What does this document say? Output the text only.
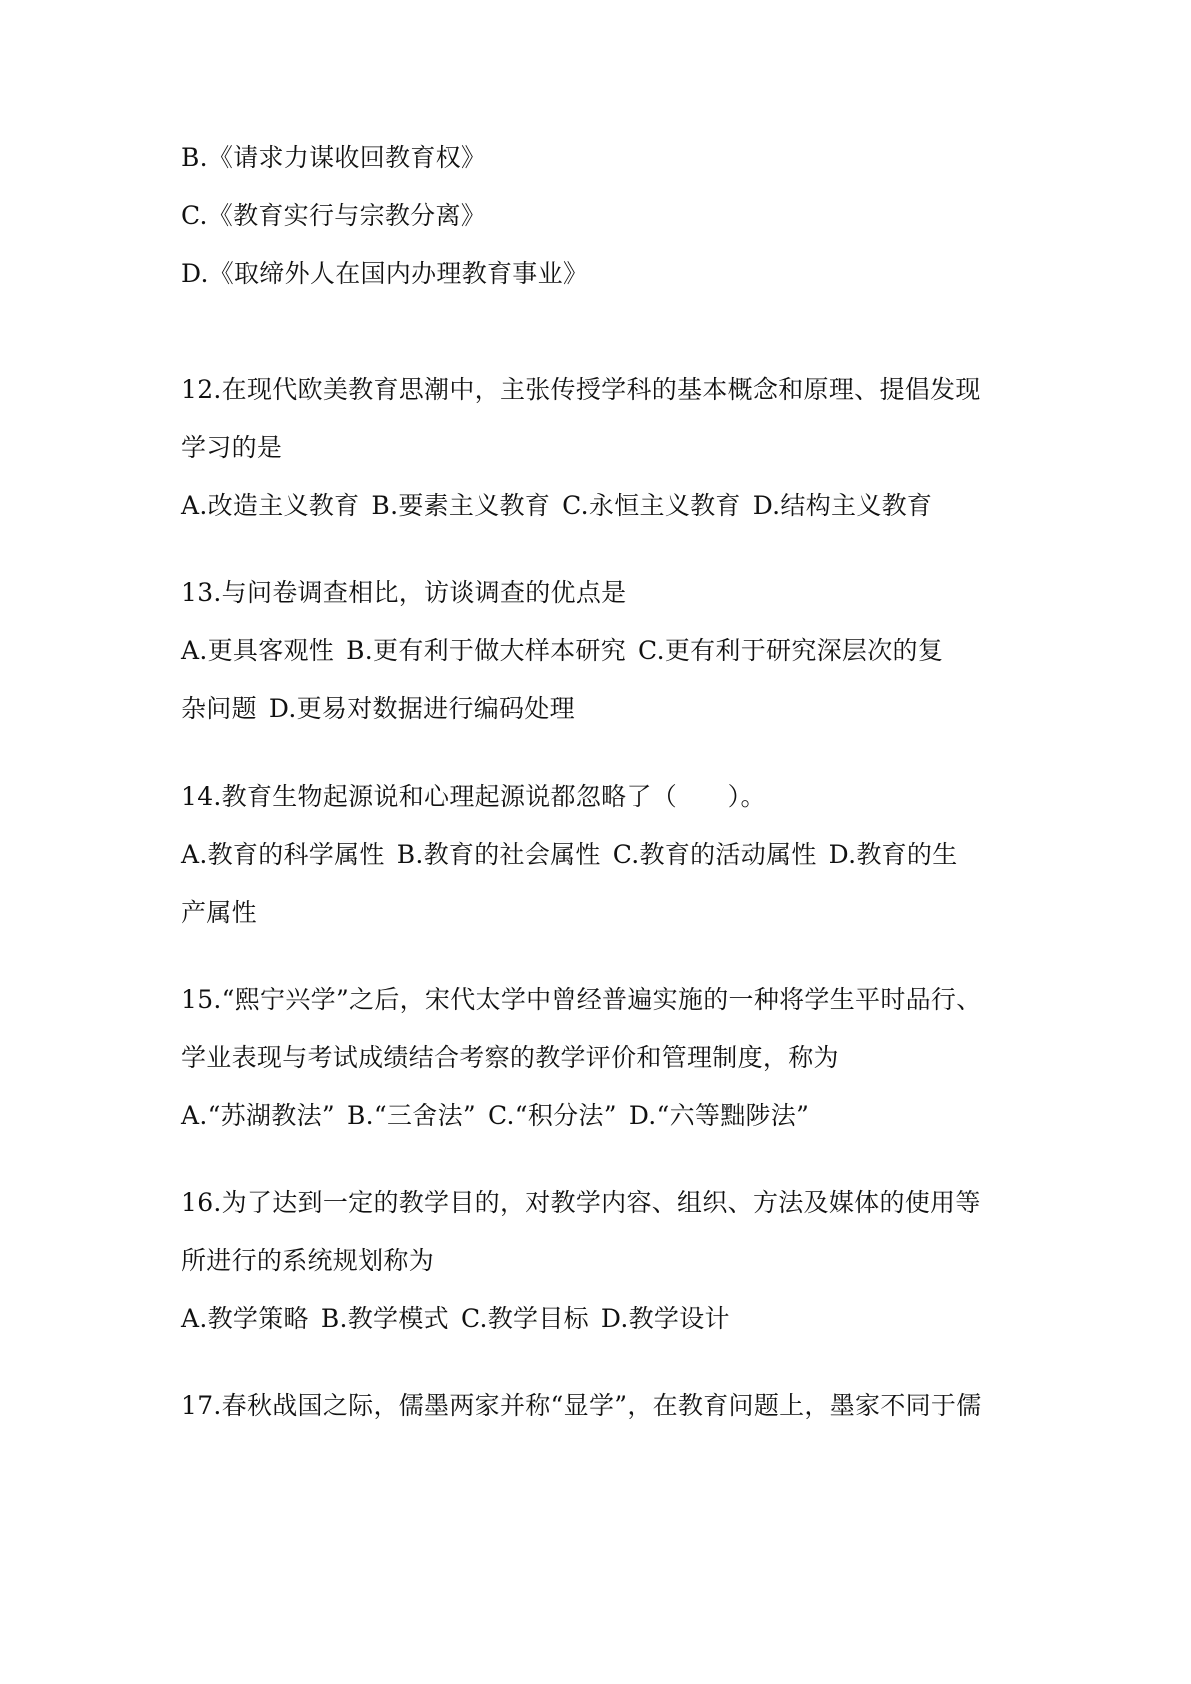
B.《请求力谋收回教育权》
C.《教育实行与宗教分离》
D.《取缔外人在国内办理教育事业》
12.在现代欧美教育思潮中，主张传授学科的基本概念和原理、提倡发现
学习的是
A.改造主义教育 B.要素主义教育 C.永恒主义教育 D.结构主义教育
13.与问卷调查相比，访谈调查的优点是
A.更具客观性 B.更有利于做大样本研究 C.更有利于研究深层次的复
杂问题 D.更易对数据进行编码处理
14.教育生物起源说和心理起源说都忽略了（　　）。
A.教育的科学属性 B.教育的社会属性 C.教育的活动属性 D.教育的生
产属性
15.“熙宁兴学”之后，宋代太学中曾经普遍实施的一种将学生平时品行、
学业表现与考试成绩结合考察的教学评价和管理制度，称为
A.“苏湖教法” B.“三舍法” C.“积分法” D.“六等黜陟法”
16.为了达到一定的教学目的，对教学内容、组织、方法及媒体的使用等
所进行的系统规划称为
A.教学策略 B.教学模式 C.教学目标 D.教学设计
17.春秋战国之际，儒墨两家并称“显学”，在教育问题上，墨家不同于儒
